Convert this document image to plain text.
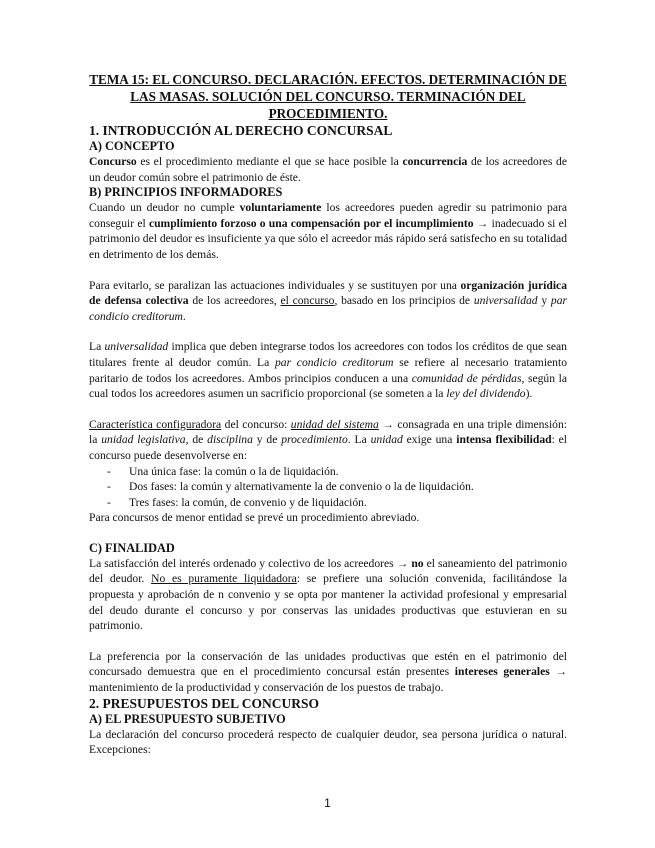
TEMA 15: EL CONCURSO. DECLARACIÓN. EFECTOS. DETERMINACIÓN DE LAS MASAS. SOLUCIÓN DEL CONCURSO. TERMINACIÓN DEL PROCEDIMIENTO.
1. INTRODUCCIÓN AL DERECHO CONCURSAL
A) CONCEPTO

Concurso es el procedimiento mediante el que se hace posible la concurrencia de los acreedores de un deudor común sobre el patrimonio de éste.

B) PRINCIPIOS INFORMADORES

Cuando un deudor no cumple voluntariamente los acreedores pueden agredir su patrimonio para conseguir el cumplimiento forzoso o una compensación por el incumplimiento → inadecuado si el patrimonio del deudor es insuficiente ya que sólo el acreedor más rápido será satisfecho en su totalidad en detrimento de los demás.

Para evitarlo, se paralizan las actuaciones individuales y se sustituyen por una organización jurídica de defensa colectiva de los acreedores, el concurso, basado en los principios de universalidad y par condicio creditorum.

La universalidad implica que deben integrarse todos los acreedores con todos los créditos de que sean titulares frente al deudor común. La par condicio creditorum se refiere al necesario tratamiento paritario de todos los acreedores. Ambos principios conducen a una comunidad de pérdidas, según la cual todos los acreedores asumen un sacrificio proporcional (se someten a la ley del dividendo).

Característica configuradora del concurso: unidad del sistema → consagrada en una triple dimensión: la unidad legislativa, de disciplina y de procedimiento. La unidad exige una intensa flexibilidad: el concurso puede desenvolverse en:

- Una única fase: la común o la de liquidación.
- Dos fases: la común y alternativamente la de convenio o la de liquidación.
- Tres fases: la común, de convenio y de liquidación.

Para concursos de menor entidad se prevé un procedimiento abreviado.

C) FINALIDAD

La satisfacción del interés ordenado y colectivo de los acreedores → no el saneamiento del patrimonio del deudor. No es puramente liquidadora: se prefiere una solución convenida, facilitándose la propuesta y aprobación de n convenio y se opta por mantener la actividad profesional y empresarial del deudo durante el concurso y por conservas las unidades productivas que estuvieran en su patrimonio.

La preferencia por la conservación de las unidades productivas que estén en el patrimonio del concursado demuestra que en el procedimiento concursal están presentes intereses generales → mantenimiento de la productividad y conservación de los puestos de trabajo.

2. PRESUPUESTOS DEL CONCURSO
A) EL PRESUPUESTO SUBJETIVO

La declaración del concurso procederá respecto de cualquier deudor, sea persona jurídica o natural. Excepciones:

1
